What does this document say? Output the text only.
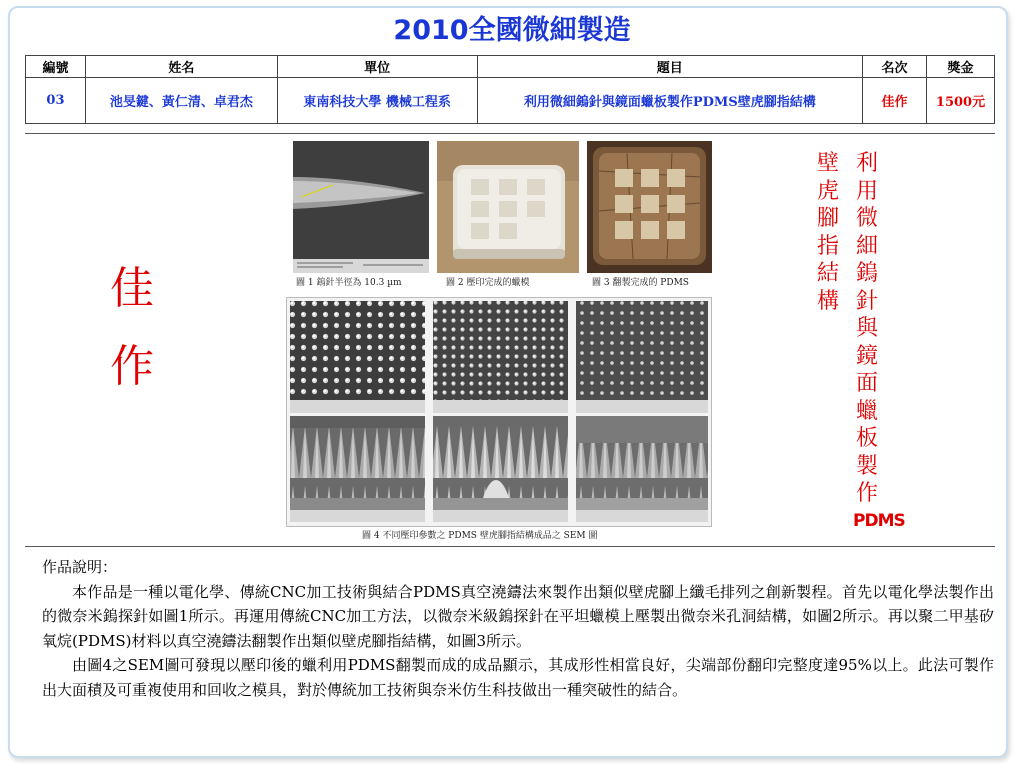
2010全國微細製造
編號	姓名	單位	題目	名次	獎金
03	池旻鍵、黃仁清、卓君杰	東南科技大學 機械工程系	利用微細鎢針與鏡面蠟板製作PDMS壁虎腳指結構	佳作	1500元
佳
作
圖 1 鎢針半徑為 10.3 µm	圖 2 壓印完成的蠟模	圖 3 翻製完成的 PDMS
圖 4 不同壓印參數之 PDMS 壁虎腳指結構成品之 SEM 圖
利
用
微
細
鎢
針
與
鏡
面
蠟
板
製
作
PDMS
壁
虎
腳
指
結
構

作品說明：

本作品是一種以電化學、傳統CNC加工技術與結合PDMS真空澆鑄法來製作出類似壁虎腳上纖毛排列之創新製程。首先以電化學法製作出的微奈米鎢探針如圖1所示。再運用傳統CNC加工方法，以微奈米級鎢探針在平坦蠟模上壓製出微奈米孔洞結構，如圖2所示。再以聚二甲基矽氧烷(PDMS)材料以真空澆鑄法翻製作出類似壁虎腳指結構，如圖3所示。

由圖4之SEM圖可發現以壓印後的蠟利用PDMS翻製而成的成品顯示，其成形性相當良好，尖端部份翻印完整度達95%以上。此法可製作出大面積及可重複使用和回收之模具，對於傳統加工技術與奈米仿生科技做出一種突破性的結合。
